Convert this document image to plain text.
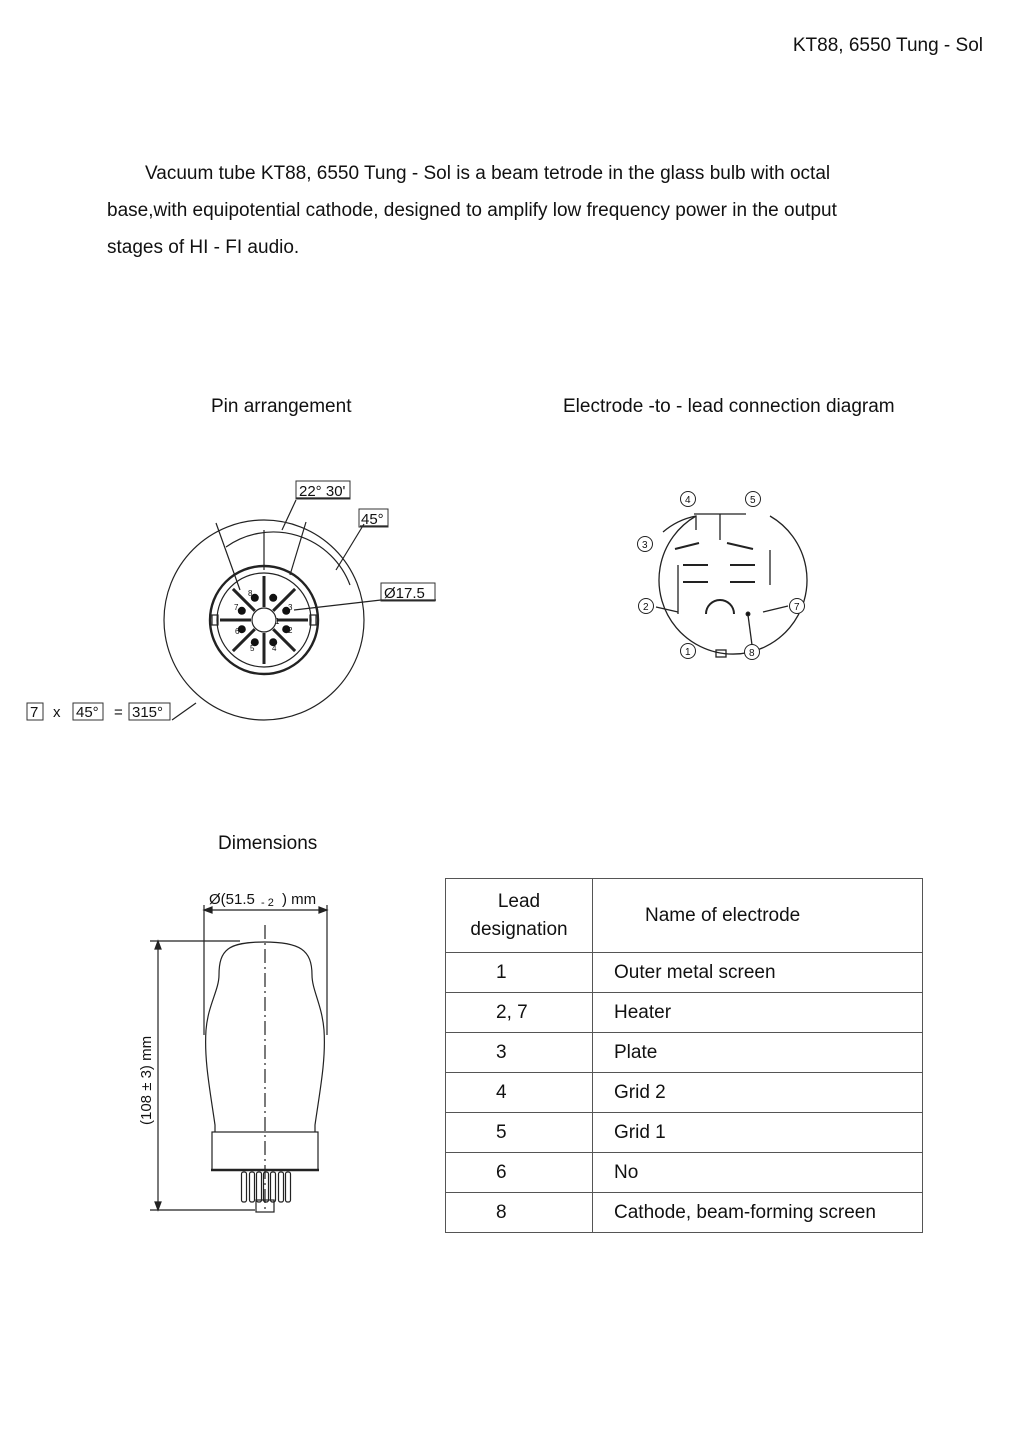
KT88, 6550 Tung - Sol
Vacuum tube KT88, 6550 Tung - Sol is a beam tetrode in the glass bulb with octal
base,with equipotential cathode, designed to amplify low frequency power in the output
stages of HI - FI audio.
Pin arrangement	Electrode -to - lead connection diagram
Dimensions
1
2
3
4
5
6
7
8
22° 30'
45°
Ø17.5
7 x 45° = 315°
1
2
3
4	5
7
8
Ø(51.5 - 2 ) mm
(108 ± 3) mm
Lead
designation	Name of electrode
1	Outer metal screen
2, 7	Heater
3	Plate
4	Grid 2
5	Grid 1
6	No
8	Cathode, beam-forming screen
